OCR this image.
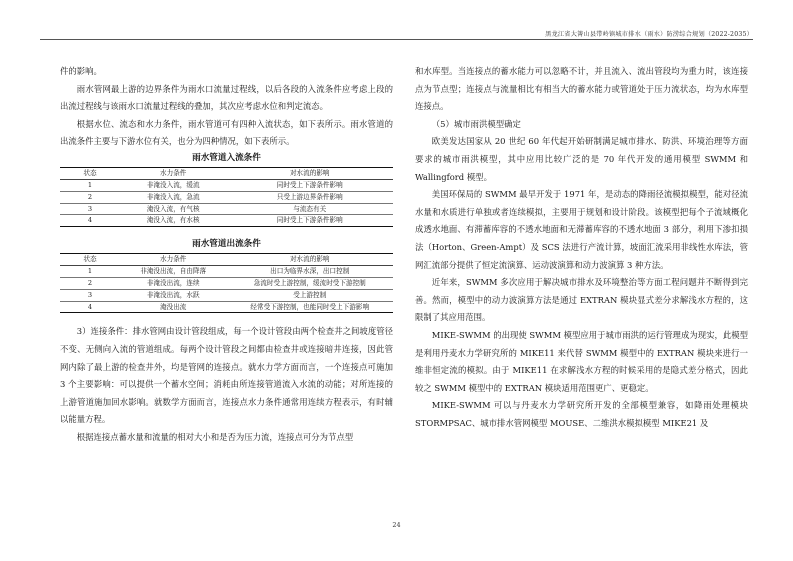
黑龙江省大箐山县带岭镇城市排水（雨水）防涝综合规划（2022-2035）

件的影响。

雨水管网最上游的边界条件为雨水口流量过程线，以后各段的入流条件应考虑上段的出流过程线与该雨水口流量过程线的叠加，其次应考虑水位和判定流态。

根据水位、流态和水力条件，雨水管道可有四种入流状态，如下表所示。雨水管道的出流条件主要与下游水位有关，也分为四种情况，如下表所示。

雨水管道入流条件
状态	水力条件	对水流的影响
1	非淹没入流，缓流	同时受上下游条件影响
2	非淹没入流，急流	只受上游边界条件影响
3	淹没入流，有气核	与流态有关
4	淹没入流，有水核	同时受上下游条件影响
雨水管道出流条件
状态	水力条件	对水流的影响
1	非淹没出流，自由降落	出口为临界水深，出口控制
2	非淹没出流，连续	急流时受上游控制，缓流时受下游控制
3	非淹没出流，水跃	受上游控制
4	淹没出流	经常受下游控制，也能同时受上下游影响

3）连接条件：排水管网由设计管段组成，每一个设计管段由两个检查井之间坡度管径不变、无侧向入流的管道组成。每两个设计管段之间都由检查井或连接暗井连接，因此管网内除了最上游的检查井外，均是管网的连接点。就水力学方面而言，一个连接点可施加 3 个主要影响：可以提供一个蓄水空间；消耗由所连接管道流入水流的动能；对所连接的上游管道施加回水影响。就数学方面而言，连接点水力条件通常用连续方程表示，有时辅以能量方程。

根据连接点蓄水量和流量的相对大小和是否为压力流，连接点可分为节点型

和水库型。当连接点的蓄水能力可以忽略不计，并且流入、流出管段均为重力时，该连接点为节点型；连接点与流量相比有相当大的蓄水能力或管道处于压力流状态，均为水库型连接点。

（5）城市雨洪模型确定

欧美发达国家从 20 世纪 60 年代起开始研制满足城市排水、防洪、环境治理等方面要求的城市雨洪模型，其中应用比较广泛的是 70 年代开发的通用模型 SWMM 和 Wallingford 模型。

美国环保局的 SWMM 最早开发于 1971 年，是动态的降雨径流模拟模型，能对径流水量和水质进行单独或者连续模拟，主要用于规划和设计阶段。该模型把每个子流域概化成透水地面、有滞蓄库容的不透水地面和无滞蓄库容的不透水地面 3 部分，利用下渗扣损法（Horton、Green-Ampt）及 SCS 法进行产流计算，坡面汇流采用非线性水库法，管网汇流部分提供了恒定流演算、运动波演算和动力波演算 3 种方法。

近年来，SWMM 多次应用于解决城市排水及环境整治等方面工程问题并不断得到完善。然而，模型中的动力波演算方法是通过 EXTRAN 模块显式差分求解浅水方程的，这限制了其应用范围。

MIKE-SWMM 的出现使 SWMM 模型应用于城市雨洪的运行管理成为现实，此模型是利用丹麦水力学研究所的 MIKE11 来代替 SWMM 模型中的 EXTRAN 模块来进行一维非恒定流的模拟。由于 MIKE11 在求解浅水方程的时候采用的是隐式差分格式，因此较之 SWMM 模型中的 EXTRAN 模块适用范围更广、更稳定。

MIKE-SWMM 可以与丹麦水力学研究所开发的全部模型兼容，如降雨处理模块 STORMPSAC、城市排水管网模型 MOUSE、二维洪水模拟模型 MIKE21 及

24
